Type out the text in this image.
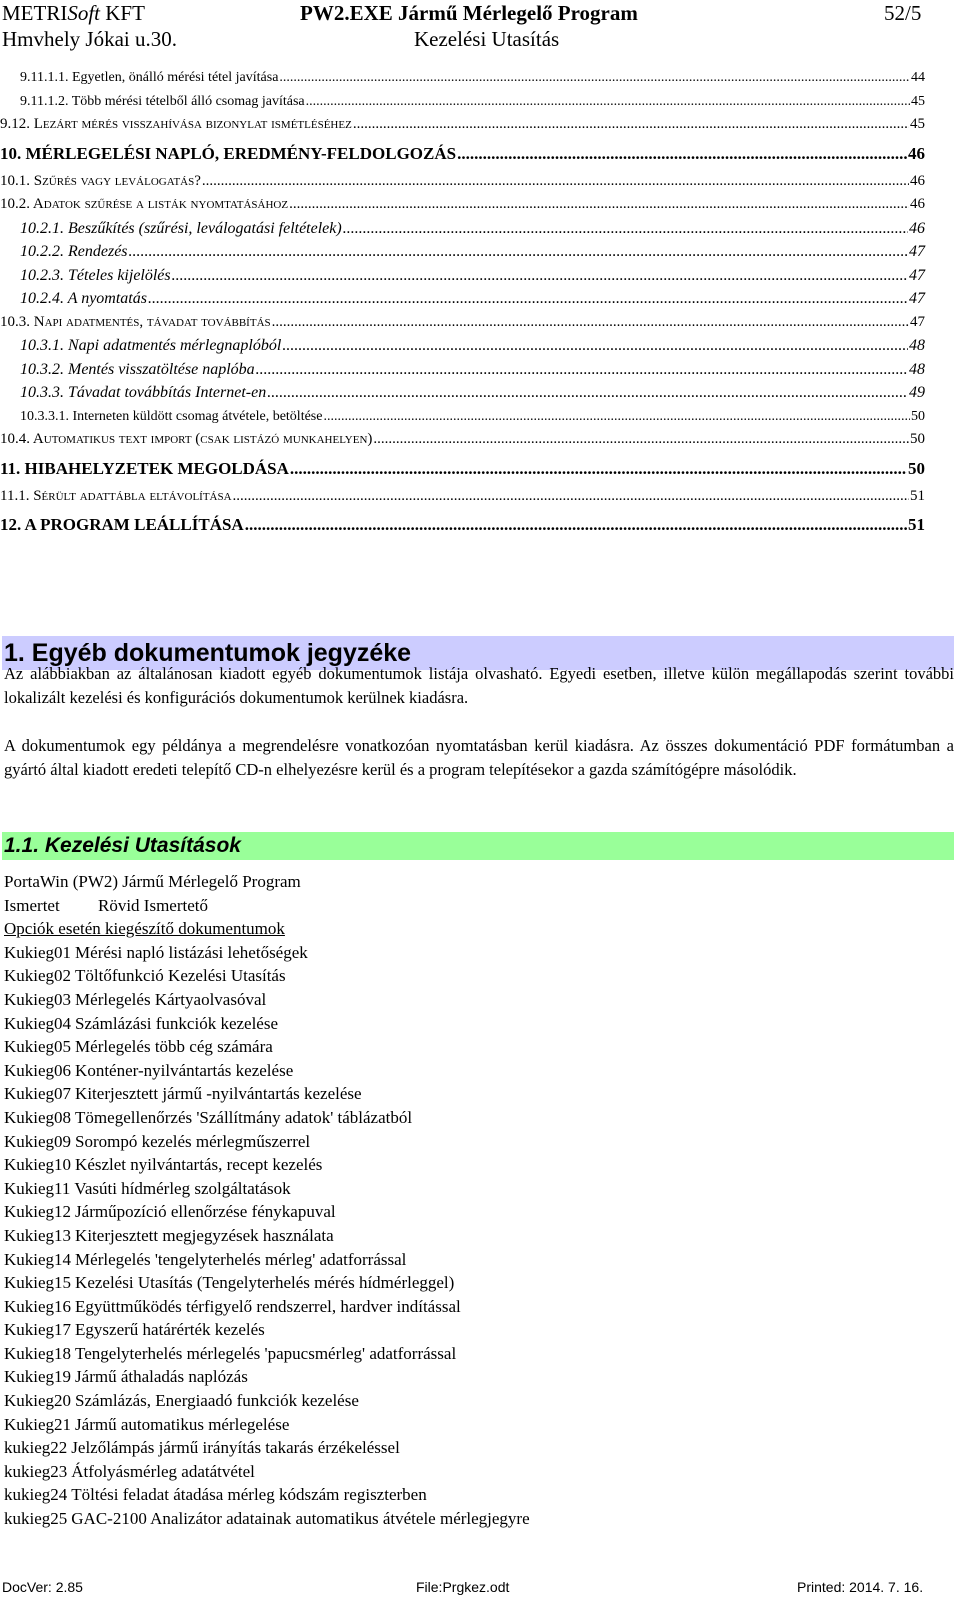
METRISoft KFT
Hmvhely Jókai u.30.
PW2.EXE Jármű Mérlegelő Program
Kezelési Utasítás
52/5
9.11.1.1. Egyetlen, önálló mérési tétel javítása .....	44
9.11.1.2. Több mérési tételből álló csomag javítása .....	45
9.12. Lezárt mérés visszahívása bizonylat ismétléséhez .....	45
10. MÉRLEGELÉSI NAPLÓ, EREDMÉNY-FELDOLGOZÁS .....	46
10.1. Szűrés vagy leválogatás? .....	46
10.2. Adatok szűrése a listák nyomtatásához .....	46
10.2.1. Beszűkítés (szűrési, leválogatási feltételek) .....	46
10.2.2. Rendezés .....	47
10.2.3. Tételes kijelölés .....	47
10.2.4. A nyomtatás .....	47
10.3. Napi adatmentés, távadat továbbítás .....	47
10.3.1. Napi adatmentés mérlegnaplóból .....	48
10.3.2. Mentés visszatöltése naplóba .....	48
10.3.3. Távadat továbbítás Internet-en .....	49
10.3.3.1. Interneten küldött csomag átvétele, betöltése .....	50
10.4. Automatikus text import (csak listázó munkahelyen) .....	50
11. HIBAHELYZETEK MEGOLDÁSA .....	50
11.1. Sérült adattábla eltávolítása .....	51
12. A PROGRAM LEÁLLÍTÁSA .....	51
1. Egyéb dokumentumok jegyzéke
Az alábbiakban az általánosan kiadott egyéb dokumentumok listája olvasható. Egyedi esetben, illetve külön megállapodás szerint további lokalizált kezelési és konfigurációs dokumentumok kerülnek kiadásra.
A dokumentumok egy példánya a megrendelésre vonatkozóan nyomtatásban kerül kiadásra. Az összes dokumentáció PDF formátumban a gyártó által kiadott eredeti telepítő CD-n elhelyezésre kerül és a program telepítésekor a gazda számítógépre másolódik.
1.1. Kezelési Utasítások
PortaWin (PW2) Jármű Mérlegelő Program
Ismertet Rövid Ismertető
Opciók esetén kiegészítő dokumentumok
Kukieg01 Mérési napló listázási lehetőségek
Kukieg02 Töltőfunkció Kezelési Utasítás
Kukieg03 Mérlegelés Kártyaolvasóval
Kukieg04 Számlázási funkciók kezelése
Kukieg05 Mérlegelés több cég számára
Kukieg06 Konténer-nyilvántartás kezelése
Kukieg07 Kiterjesztett jármű -nyilvántartás kezelése
Kukieg08 Tömegellenőrzés 'Szállítmány adatok' táblázatból
Kukieg09 Sorompó kezelés mérlegműszerrel
Kukieg10 Készlet nyilvántartás, recept kezelés
Kukieg11 Vasúti hídmérleg szolgáltatások
Kukieg12 Járműpozíció ellenőrzése fénykapuval
Kukieg13 Kiterjesztett megjegyzések használata
Kukieg14 Mérlegelés 'tengelyterhelés mérleg' adatforrással
Kukieg15 Kezelési Utasítás (Tengelyterhelés mérés hídmérleggel)
Kukieg16 Együttműködés térfigyelő rendszerrel, hardver indítással
Kukieg17 Egyszerű határérték kezelés
Kukieg18 Tengelyterhelés mérlegelés 'papucsmérleg' adatforrással
Kukieg19 Jármű áthaladás naplózás
Kukieg20 Számlázás, Energiaadó funkciók kezelése
Kukieg21 Jármű automatikus mérlegelése
kukieg22 Jelzőlámpás jármű irányítás takarás érzékeléssel
kukieg23 Átfolyásmérleg adatátvétel
kukieg24 Töltési feladat átadása mérleg kódszám regiszterben
kukieg25 GAC-2100 Analizátor adatainak automatikus átvétele mérlegjegyre
DocVer: 2.85	File:Prgkez.odt	Printed: 2014. 7. 16.
